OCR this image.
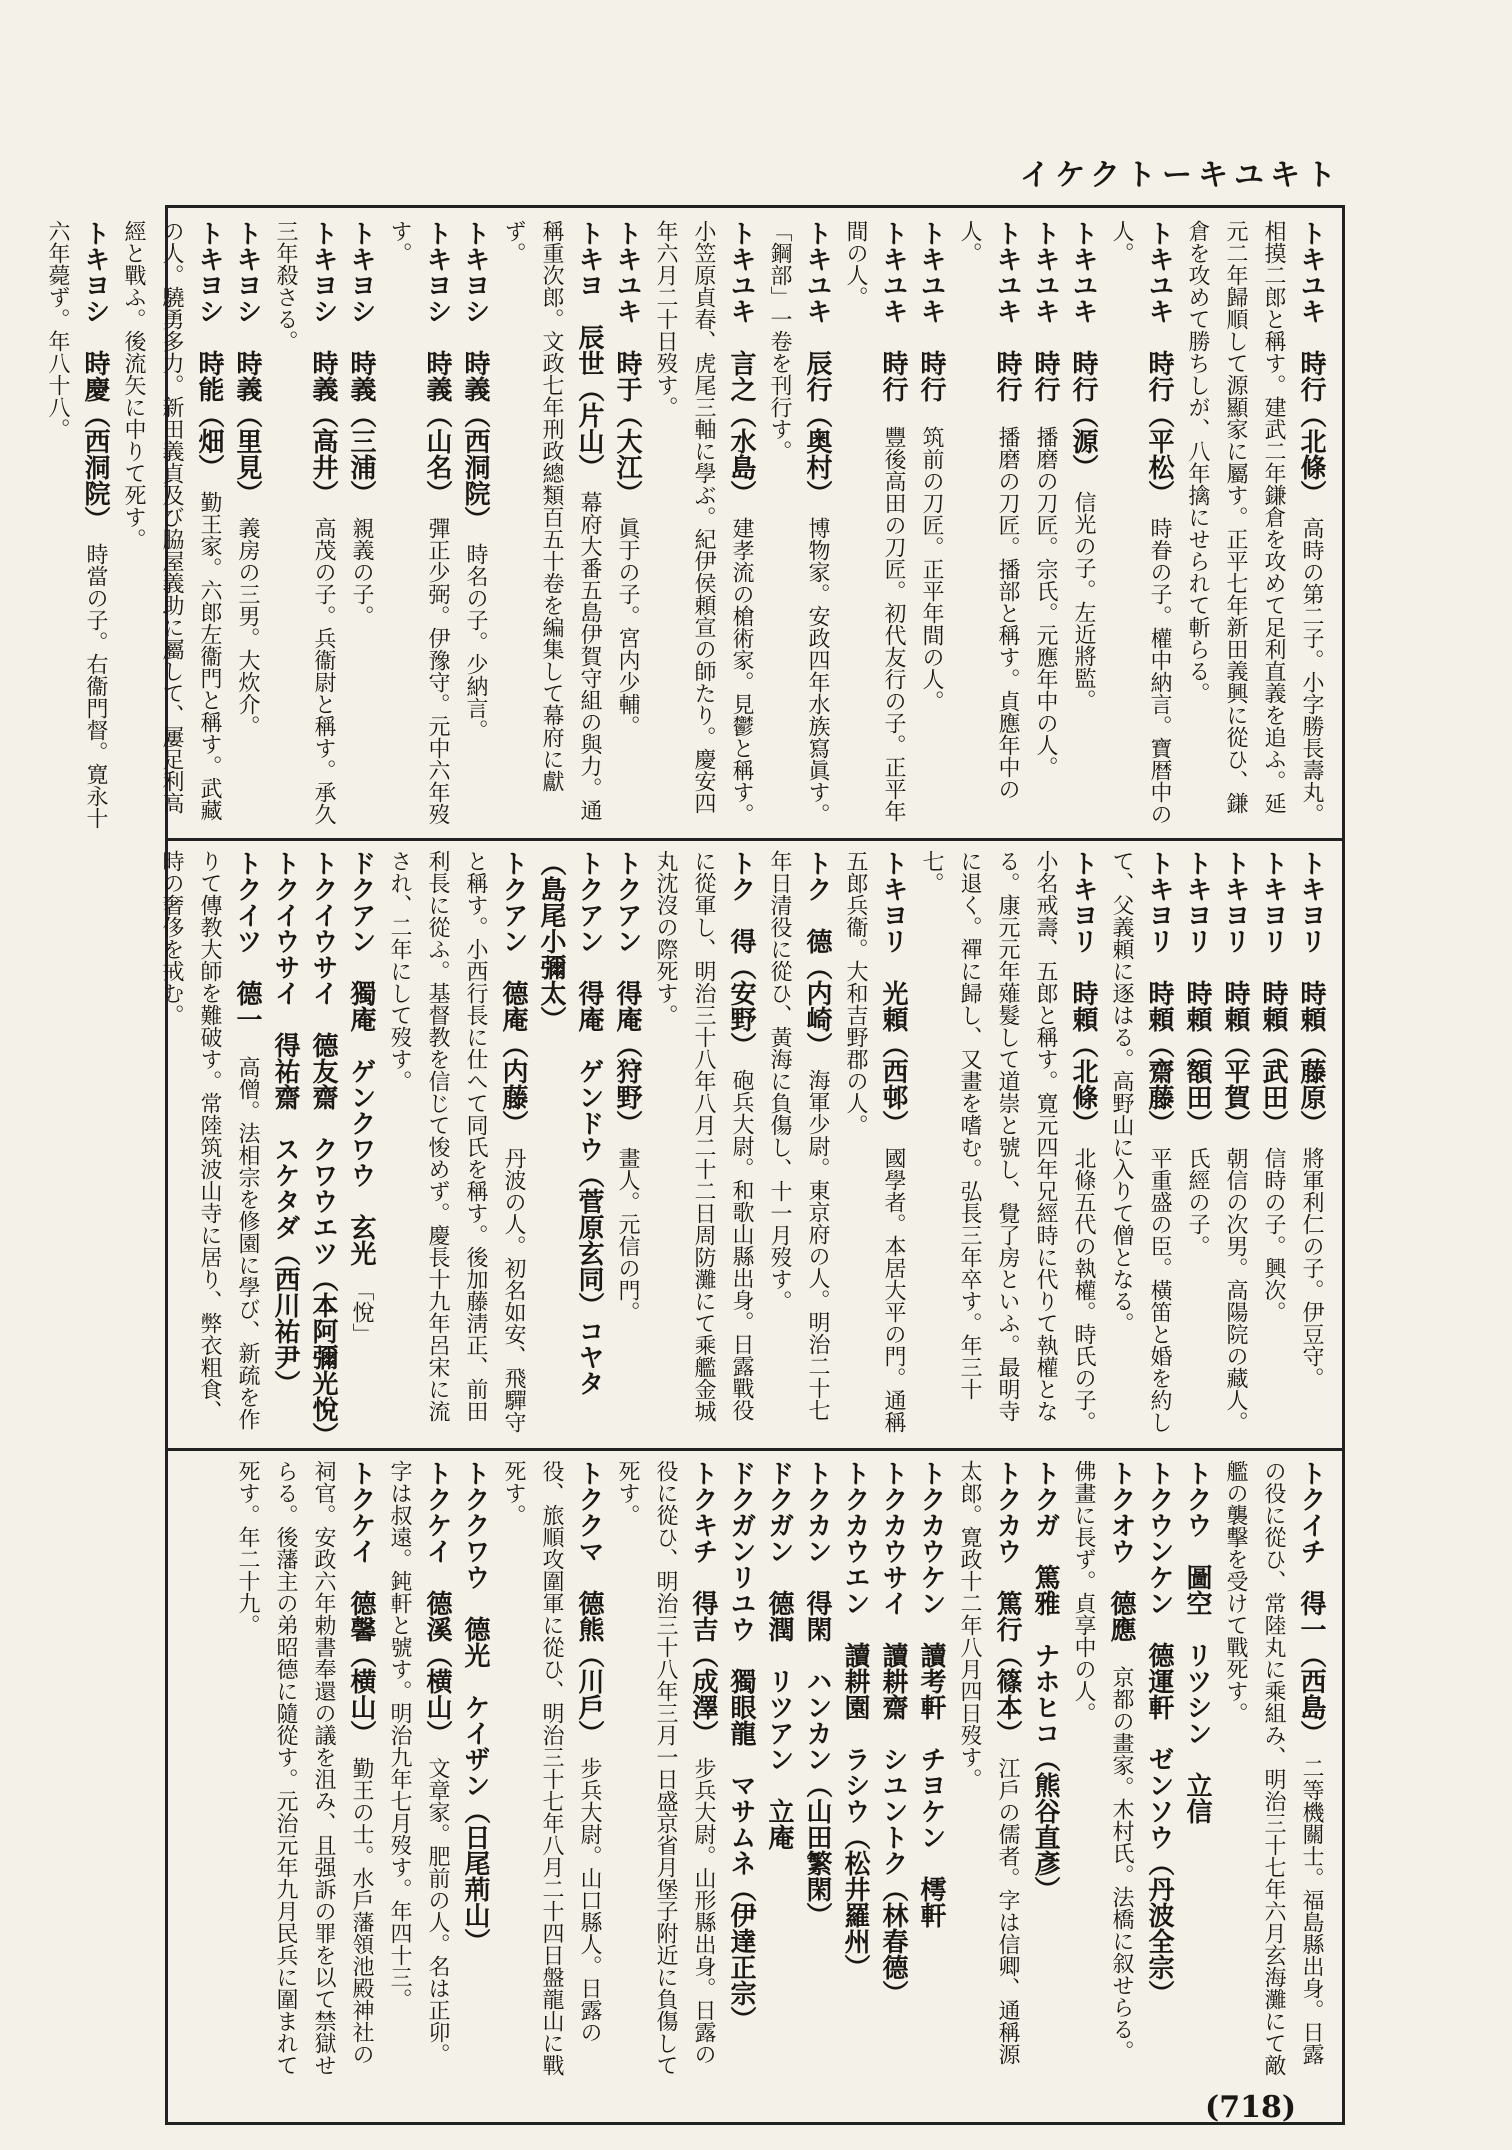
イケクトーキユキト

トキユキ　時行（北條）　高時の第二子。小字勝長壽丸。相摸二郎と稱す。建武二年鎌倉を攻めて足利直義を追ふ。延元二年歸順して源顯家に屬す。正平七年新田義興に從ひ、鎌倉を攻めて勝ちしが、八年擒にせられて斬らる。

トキユキ　時行（平松）　時眷の子。權中納言。寶暦中の人。

トキユキ　時行（源）　信光の子。左近將監。

トキユキ　時行　播磨の刀匠。宗氏。元應年中の人。

トキユキ　時行　播磨の刀匠。播部と稱す。貞應年中の人。

トキユキ　時行　筑前の刀匠。正平年間の人。

トキユキ　時行　豐後高田の刀匠。初代友行の子。正平年間の人。

トキユキ　辰行（奥村）　博物家。安政四年水族寫眞す。「鋼部」一卷を刊行す。

トキユキ　言之（水島）　建孝流の槍術家。見鬱と稱す。小笠原貞春、虎尾三軸に學ぶ。紀伊侯頼宣の師たり。慶安四年六月二十日歿す。

トキユキ　時于（大江）　眞于の子。宮内少輔。

トキヨ　辰世（片山）　幕府大番五島伊賀守組の與力。通稱重次郎。文政七年刑政總類百五十卷を編集して幕府に獻ず。

トキヨシ　時義（西洞院）　時名の子。少納言。

トキヨシ　時義（山名）　彈正少弼。伊豫守。元中六年歿す。

トキヨシ　時義（三浦）　親義の子。

トキヨシ　時義（高井）　高茂の子。兵衞尉と稱す。承久三年殺さる。

トキヨシ　時義（里見）　義房の三男。大炊介。

トキヨシ　時能（畑）　勤王家。六郎左衞門と稱す。武藏の人。驍勇多力。新田義貞及び脇屋義助に屬して、屢足利高經と戰ふ。後流矢に中りて死す。

トキヨシ　時慶（西洞院）　時當の子。右衞門督。寛永十六年薨ず。年八十八。

トキヨリ　時頼（藤原）　將軍利仁の子。伊豆守。

トキヨリ　時頼（武田）　信時の子。興次。

トキヨリ　時頼（平賀）　朝信の次男。高陽院の藏人。

トキヨリ　時頼（額田）　氏經の子。

トキヨリ　時頼（齋藤）　平重盛の臣。橫笛と婚を約して、父義頼に逐はる。高野山に入りて僧となる。

トキヨリ　時頼（北條）　北條五代の執權。時氏の子。小名戒壽、五郎と稱す。寛元四年兄經時に代りて執權となる。康元元年薙髮して道崇と號し、覺了房といふ。最明寺に退く。禪に歸し、又畫を嗜む。弘長三年卒す。年三十七。

トキヨリ　光頼（西邨）　國學者。本居大平の門。通稱五郎兵衞。大和吉野郡の人。

トク　德（内崎）　海軍少尉。東京府の人。明治二十七年日清役に從ひ、黃海に負傷し、十一月歿す。

トク　得（安野）　砲兵大尉。和歌山縣出身。日露戰役に從軍し、明治三十八年八月二十二日周防灘にて乘艦金城丸沈沒の際死す。

トクアン　得庵（狩野）　畫人。元信の門。

トクアン　得庵　ゲンドウ（菅原玄同）コヤタ（島尾小彌太）　

トクアン　德庵（内藤）　丹波の人。初名如安、飛驒守と稱す。小西行長に仕へて同氏を稱す。後加藤淸正、前田利長に從ふ。基督教を信じて悛めず。慶長十九年呂宋に流され、二年にして歿す。

ドクアン　獨庵　ゲンクワウ　玄光　「悅」

トクイウサイ　德友齋　クワウエツ（本阿彌光悅）　

トクイウサイ　得祐齋　スケタダ（西川祐尹）　

トクイツ　德一　高僧。法相宗を修園に學び、新疏を作りて傳教大師を難破す。常陸筑波山寺に居り、弊衣粗食、時の奢侈を戒む。

トクイチ　得一（西島）　二等機關士。福島縣出身。日露の役に從ひ、常陸丸に乘組み、明治三十七年六月玄海灘にて敵艦の襲擊を受けて戰死す。

トクウ　圖空　リツシン　立信　

トクウンケン　德運軒　ゼンソウ（丹波全宗）　

トクオウ　德應　京都の畫家。木村氏。法橋に叙せらる。佛畫に長ず。貞享中の人。

トクガ　篤雅　ナホヒコ（熊谷直彥）　

トクカウ　篤行（篠本）　江戶の儒者。字は信卿、通稱源太郎。寛政十二年八月四日歿す。

トクカウケン　讀考軒　チヨケン　樗軒　

トクカウサイ　讀耕齋　シユントク（林春德）　

トクカウエン　讀耕園　ラシウ（松井羅州）　

トクカン　得閑　ハンカン（山田繁閑）　

ドクガン　德潤　リツアン　立庵　

ドクガンリユウ　獨眼龍　マサムネ（伊達正宗）　

トクキチ　得吉（成澤）　步兵大尉。山形縣出身。日露の役に從ひ、明治三十八年三月一日盛京省月堡子附近に負傷して死す。

トククマ　德熊（川戶）　步兵大尉。山口縣人。日露の役、旅順攻圍軍に從ひ、明治三十七年八月二十四日盤龍山に戰死す。

トククワウ　德光　ケイザン（日尾荊山）　

トクケイ　德溪（横山）　文章家。肥前の人。名は正卯。字は叔遠。鈍軒と號す。明治九年七月歿す。年四十三。

トクケイ　德馨（横山）　勤王の士。水戶藩領池殿神社の祠官。安政六年勅書奉還の議を沮み、且强訴の罪を以て禁獄せらる。後藩主の弟昭德に隨從す。元治元年九月民兵に圍まれて死す。年二十九。

(718)
